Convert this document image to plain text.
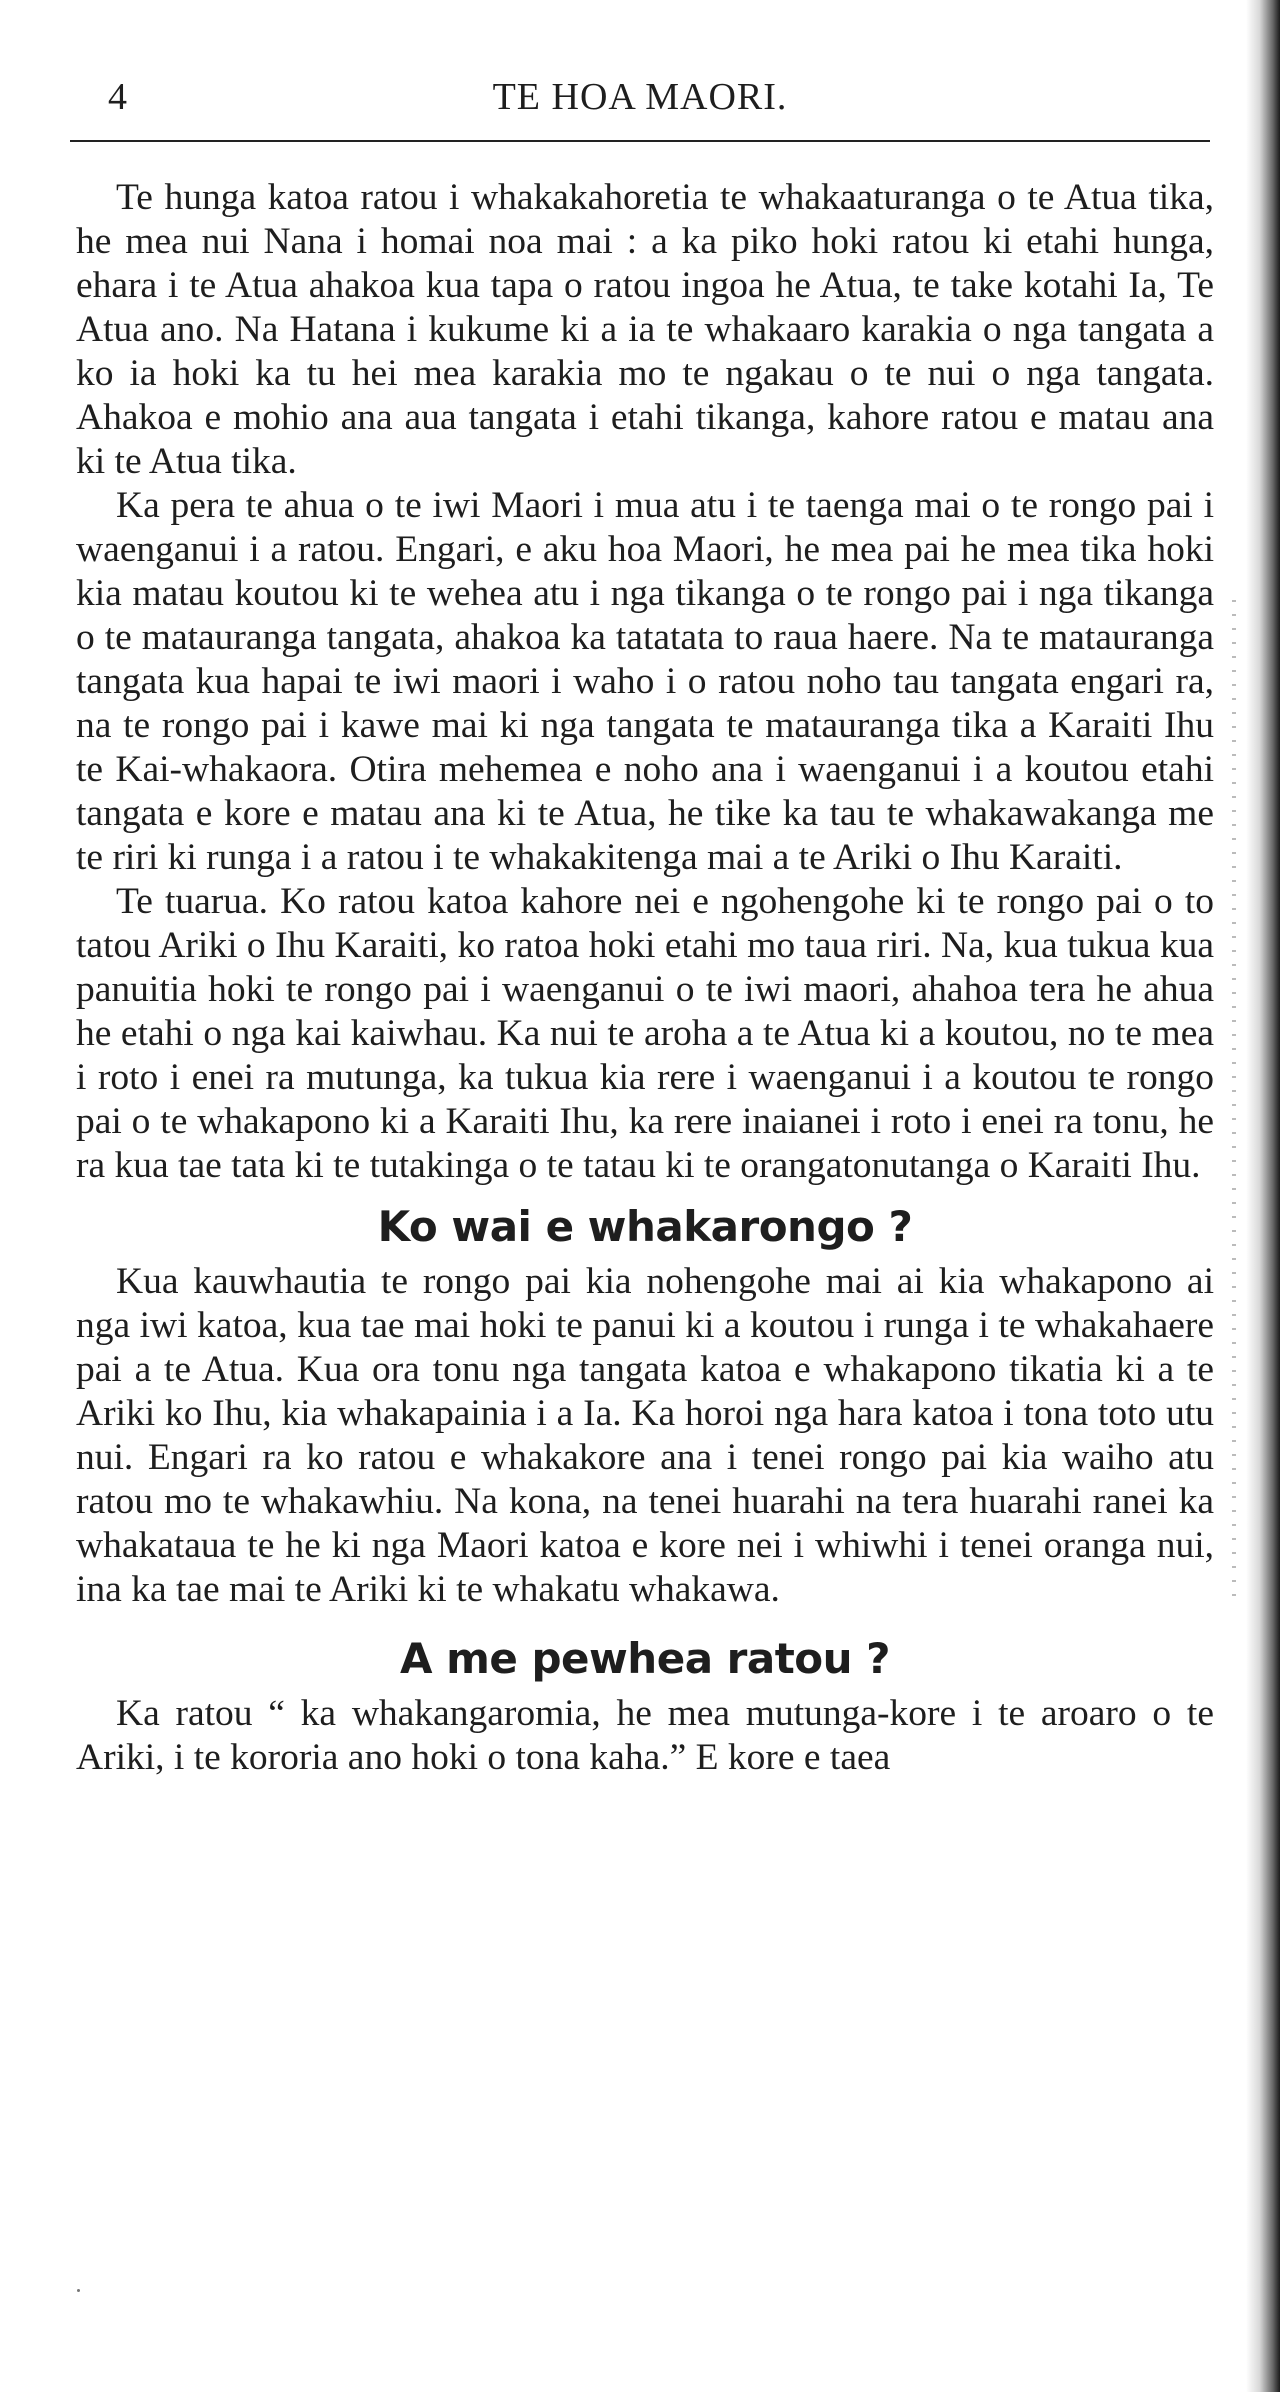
4	TE HOA MAORI.

Te hunga katoa ratou i whakakahoretia te whakaaturanga o te Atua tika, he mea nui Nana i homai noa mai : a ka piko hoki ratou ki etahi hunga, ehara i te Atua ahakoa kua tapa o ratou ingoa he Atua, te take kotahi Ia, Te Atua ano. Na Hatana i kukume ki a ia te whakaaro karakia o nga tangata a ko ia hoki ka tu hei mea karakia mo te ngakau o te nui o nga tangata. Ahakoa e mohio ana aua tangata i etahi tikanga, kahore ratou e matau ana ki te Atua tika.

Ka pera te ahua o te iwi Maori i mua atu i te taenga mai o te rongo pai i waenganui i a ratou. Engari, e aku hoa Maori, he mea pai he mea tika hoki kia matau koutou ki te wehea atu i nga tikanga o te rongo pai i nga tikanga o te matauranga tangata, ahakoa ka tatatata to raua haere. Na te matauranga tangata kua hapai te iwi maori i waho i o ratou noho tau tangata engari ra, na te rongo pai i kawe mai ki nga tangata te matauranga tika a Karaiti Ihu te Kai-whakaora. Otira mehemea e noho ana i waenganui i a koutou etahi tangata e kore e matau ana ki te Atua, he tike ka tau te whakawakanga me te riri ki runga i a ratou i te whakakitenga mai a te Ariki o Ihu Karaiti.

Te tuarua. Ko ratou katoa kahore nei e ngohengohe ki te rongo pai o to tatou Ariki o Ihu Karaiti, ko ratoa hoki etahi mo taua riri. Na, kua tukua kua panuitia hoki te rongo pai i waenganui o te iwi maori, ahahoa tera he ahua he etahi o nga kai kaiwhau. Ka nui te aroha a te Atua ki a koutou, no te mea i roto i enei ra mutunga, ka tukua kia rere i waenganui i a koutou te rongo pai o te whakapono ki a Karaiti Ihu, ka rere inaianei i roto i enei ra tonu, he ra kua tae tata ki te tutakinga o te tatau ki te orangatonutanga o Karaiti Ihu.

Ko wai e whakarongo ?

Kua kauwhautia te rongo pai kia nohengohe mai ai kia whakapono ai nga iwi katoa, kua tae mai hoki te panui ki a koutou i runga i te whakahaere pai a te Atua. Kua ora tonu nga tangata katoa e whakapono tikatia ki a te Ariki ko Ihu, kia whakapainia i a Ia. Ka horoi nga hara katoa i tona toto utu nui. Engari ra ko ratou e whakakore ana i tenei rongo pai kia waiho atu ratou mo te whakawhiu. Na kona, na tenei huarahi na tera huarahi ranei ka whakataua te he ki nga Maori katoa e kore nei i whiwhi i tenei oranga nui, ina ka tae mai te Ariki ki te whakatu whakawa.

A me pewhea ratou ?

Ka ratou “ ka whakangaromia, he mea mutunga-kore i te aroaro o te Ariki, i te kororia ano hoki o tona kaha.” E kore e taea
